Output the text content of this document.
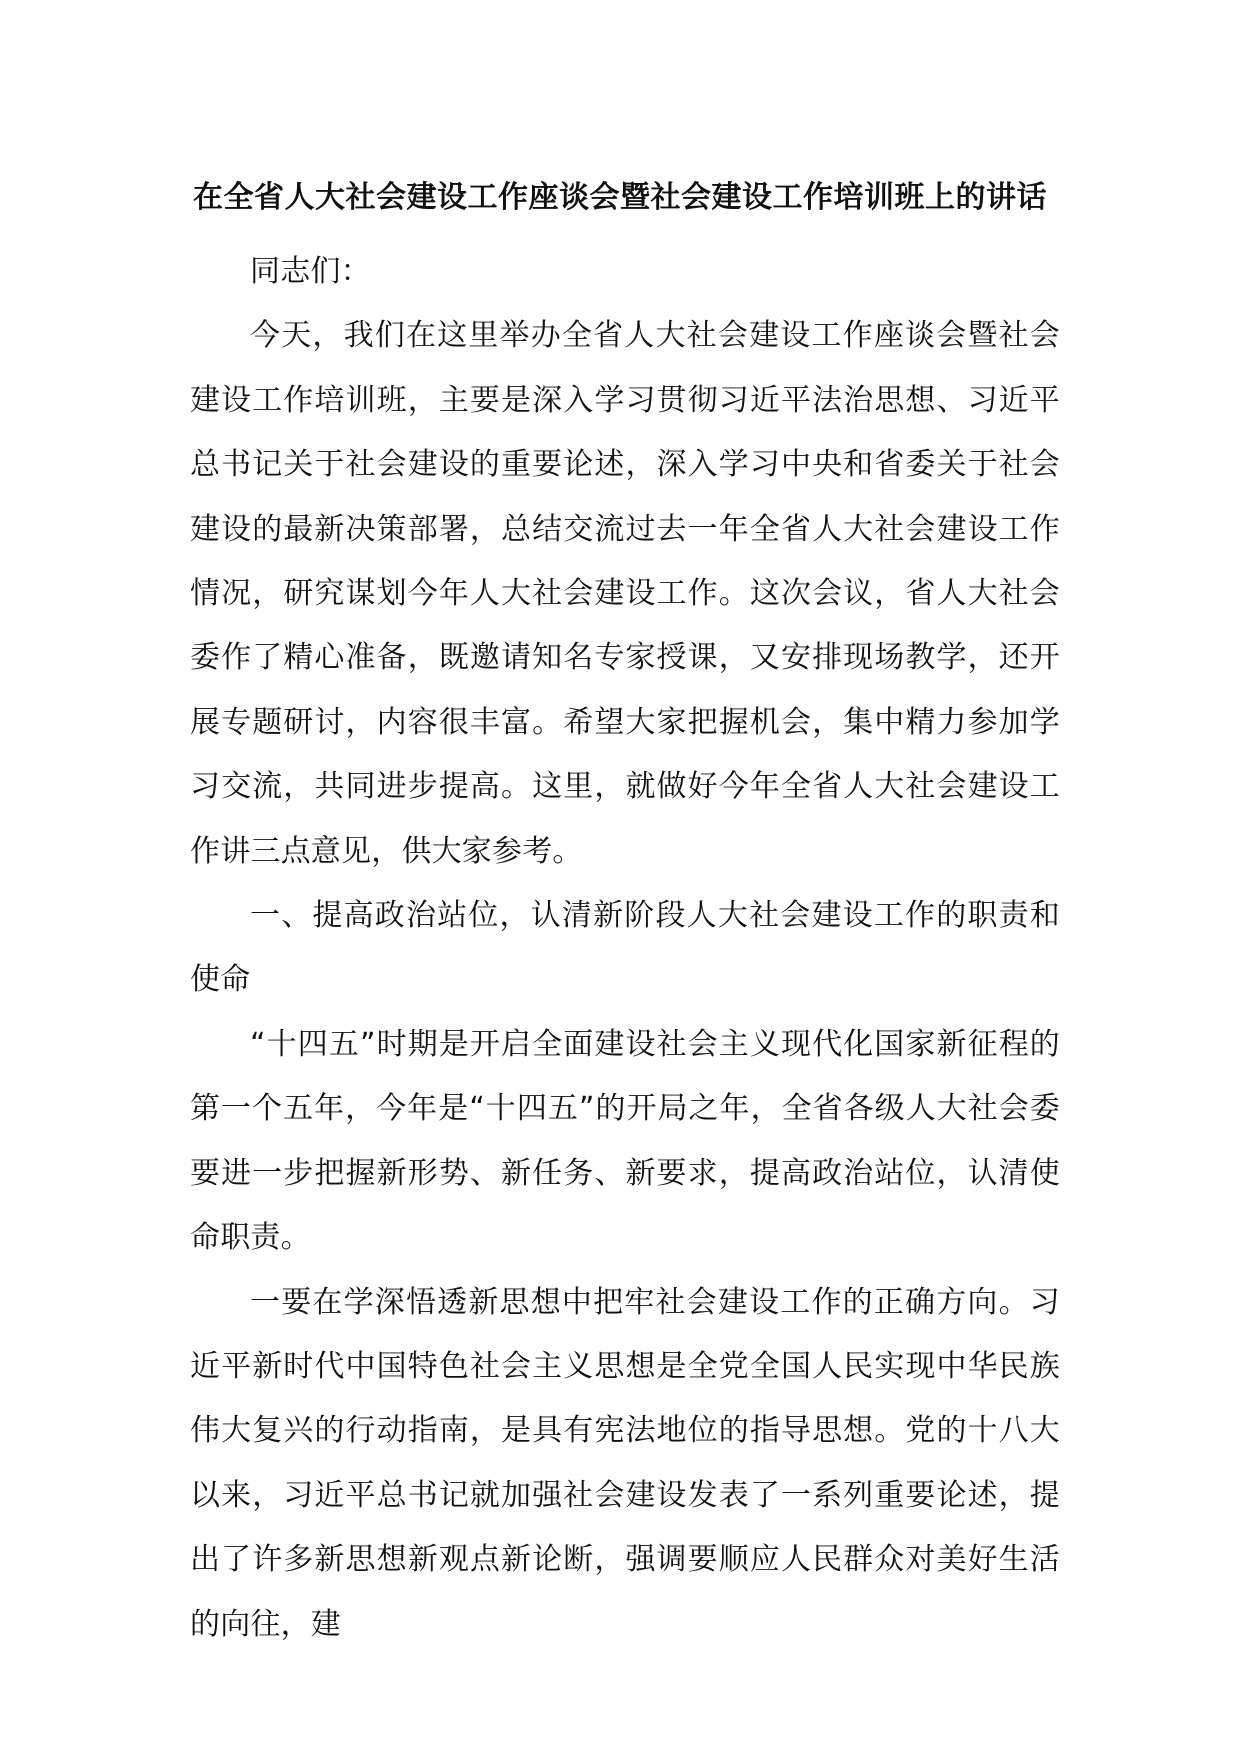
在全省人大社会建设工作座谈会暨社会建设工作培训班上的讲话

同志们：

今天，我们在这里举办全省人大社会建设工作座谈会暨社会建设工作培训班，主要是深入学习贯彻习近平法治思想、习近平总书记关于社会建设的重要论述，深入学习中央和省委关于社会建设的最新决策部署，总结交流过去一年全省人大社会建设工作情况，研究谋划今年人大社会建设工作。这次会议，省人大社会委作了精心准备，既邀请知名专家授课，又安排现场教学，还开展专题研讨，内容很丰富。希望大家把握机会，集中精力参加学习交流，共同进步提高。这里，就做好今年全省人大社会建设工作讲三点意见，供大家参考。

一、提高政治站位，认清新阶段人大社会建设工作的职责和使命

“十四五”时期是开启全面建设社会主义现代化国家新征程的第一个五年，今年是“十四五”的开局之年，全省各级人大社会委要进一步把握新形势、新任务、新要求，提高政治站位，认清使命职责。

一要在学深悟透新思想中把牢社会建设工作的正确方向。习近平新时代中国特色社会主义思想是全党全国人民实现中华民族伟大复兴的行动指南，是具有宪法地位的指导思想。党的十八大以来，习近平总书记就加强社会建设发表了一系列重要论述，提出了许多新思想新观点新论断，强调要顺应人民群众对美好生活的向往，建
